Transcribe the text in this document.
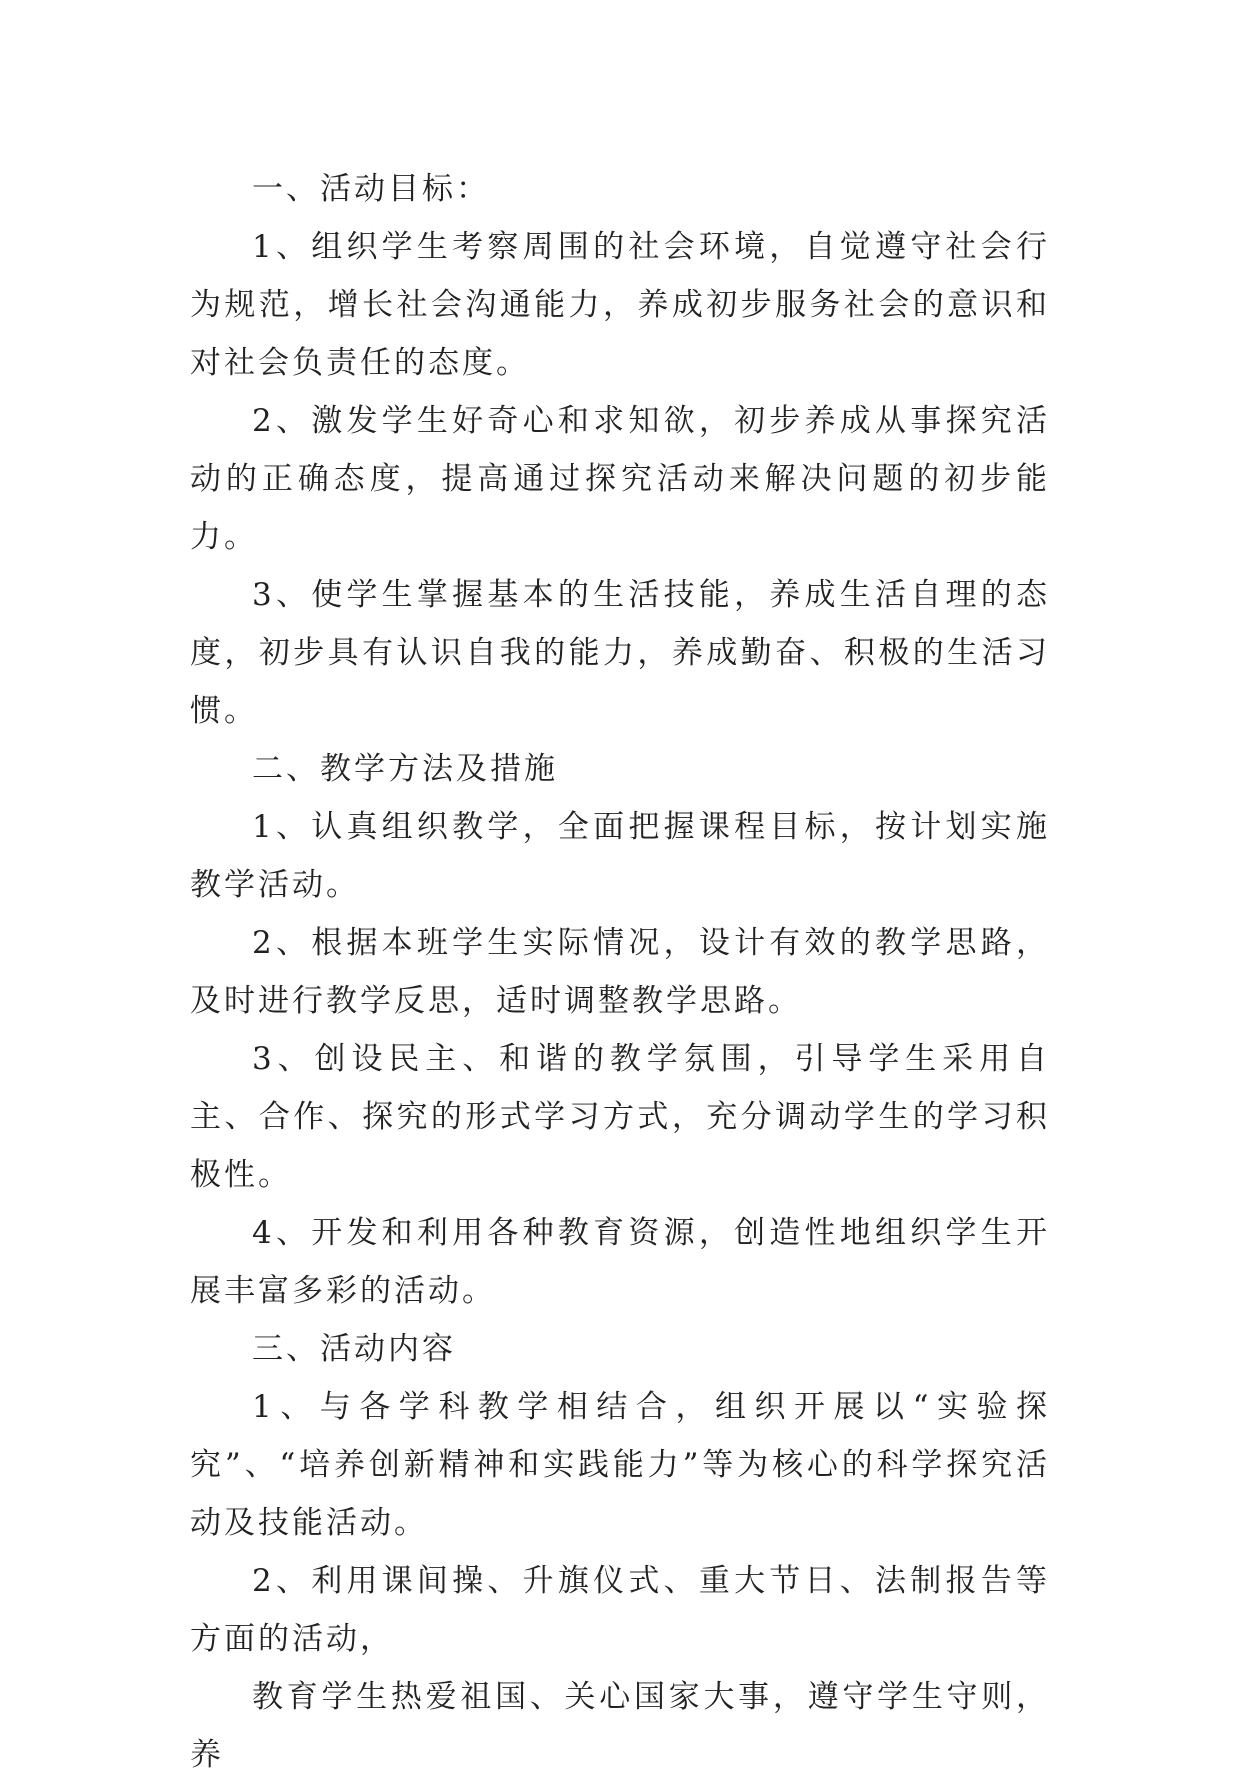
一、活动目标：

1、组织学生考察周围的社会环境，自觉遵守社会行为规范，增长社会沟通能力，养成初步服务社会的意识和对社会负责任的态度。

2、激发学生好奇心和求知欲，初步养成从事探究活动的正确态度，提高通过探究活动来解决问题的初步能力。

3、使学生掌握基本的生活技能，养成生活自理的态度，初步具有认识自我的能力，养成勤奋、积极的生活习惯。

二、教学方法及措施

1、认真组织教学，全面把握课程目标，按计划实施教学活动。

2、根据本班学生实际情况，设计有效的教学思路，及时进行教学反思，适时调整教学思路。

3、创设民主、和谐的教学氛围，引导学生采用自主、合作、探究的形式学习方式，充分调动学生的学习积极性。

4、开发和利用各种教育资源，创造性地组织学生开展丰富多彩的活动。

三、活动内容

1、与各学科教学相结合，组织开展以“实验探究”、“培养创新精神和实践能力”等为核心的科学探究活动及技能活动。

2、利用课间操、升旗仪式、重大节日、法制报告等方面的活动，

教育学生热爱祖国、关心国家大事，遵守学生守则，养
